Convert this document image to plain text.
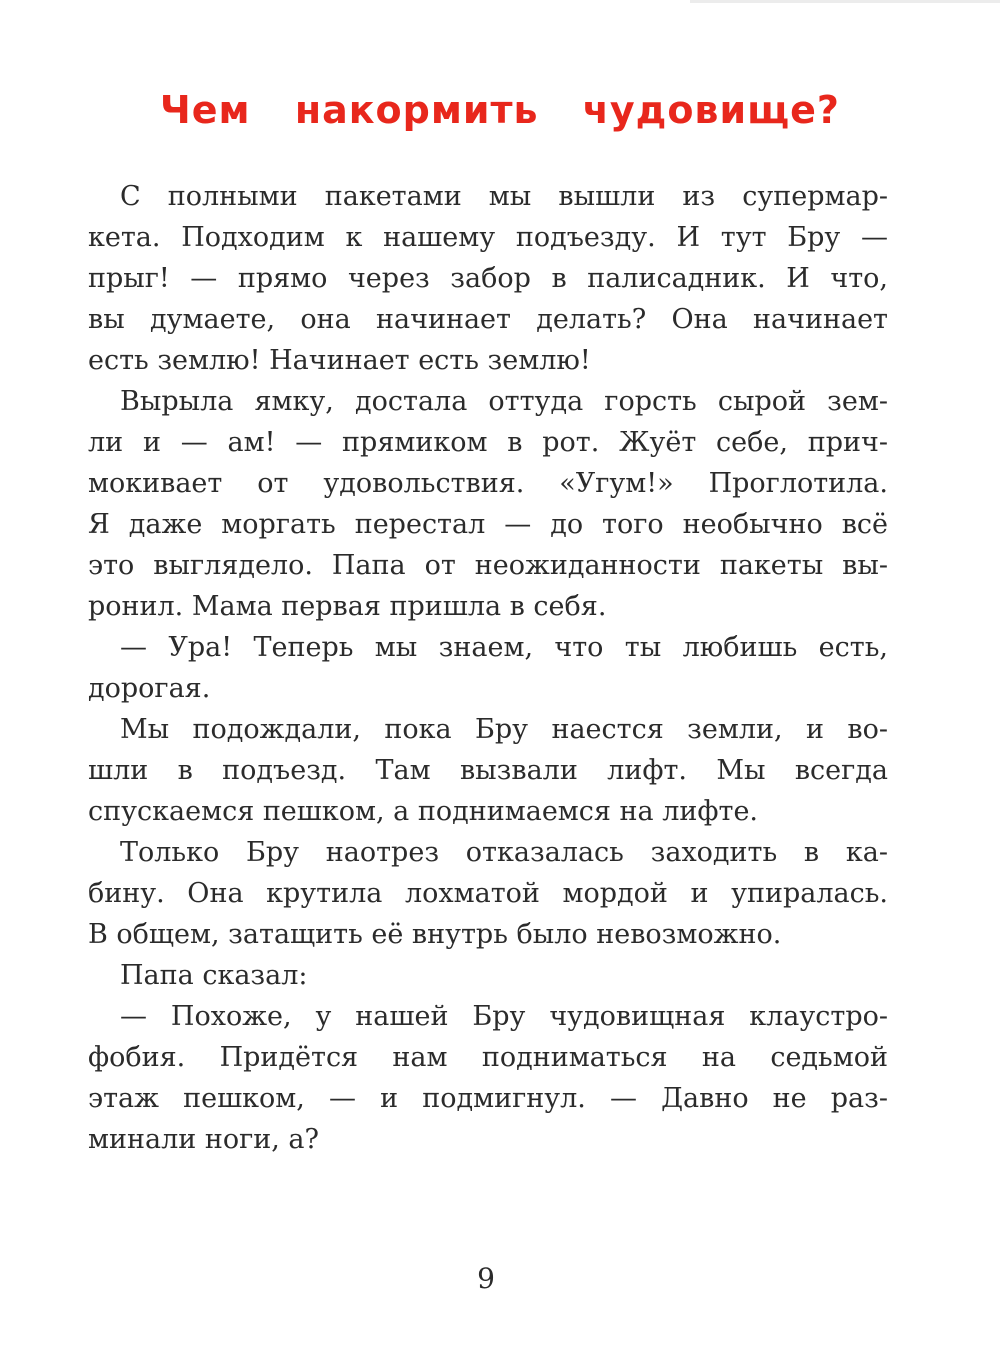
Чем накормить чудовище?
С полными пакетами мы вышли из супермар-
кета. Подходим к нашему подъезду. И тут Бру —
прыг! — прямо через забор в палисадник. И что,
вы думаете, она начинает делать? Она начинает
есть землю! Начинает есть землю!
Вырыла ямку, достала оттуда горсть сырой зем-
ли и — ам! — прямиком в рот. Жуёт себе, прич-
мокивает от удовольствия. «Угум!» Проглотила.
Я даже моргать перестал — до того необычно всё
это выглядело. Папа от неожиданности пакеты вы-
ронил. Мама первая пришла в себя.
— Ура! Теперь мы знаем, что ты любишь есть,
дорогая.
Мы подождали, пока Бру наестся земли, и во-
шли в подъезд. Там вызвали лифт. Мы всегда
спускаемся пешком, а поднимаемся на лифте.
Только Бру наотрез отказалась заходить в ка-
бину. Она крутила лохматой мордой и упиралась.
В общем, затащить её внутрь было невозможно.
Папа сказал:
— Похоже, у нашей Бру чудовищная клаустро-
фобия. Придётся нам подниматься на седьмой
этаж пешком, — и подмигнул. — Давно не раз-
минали ноги, а?
9
